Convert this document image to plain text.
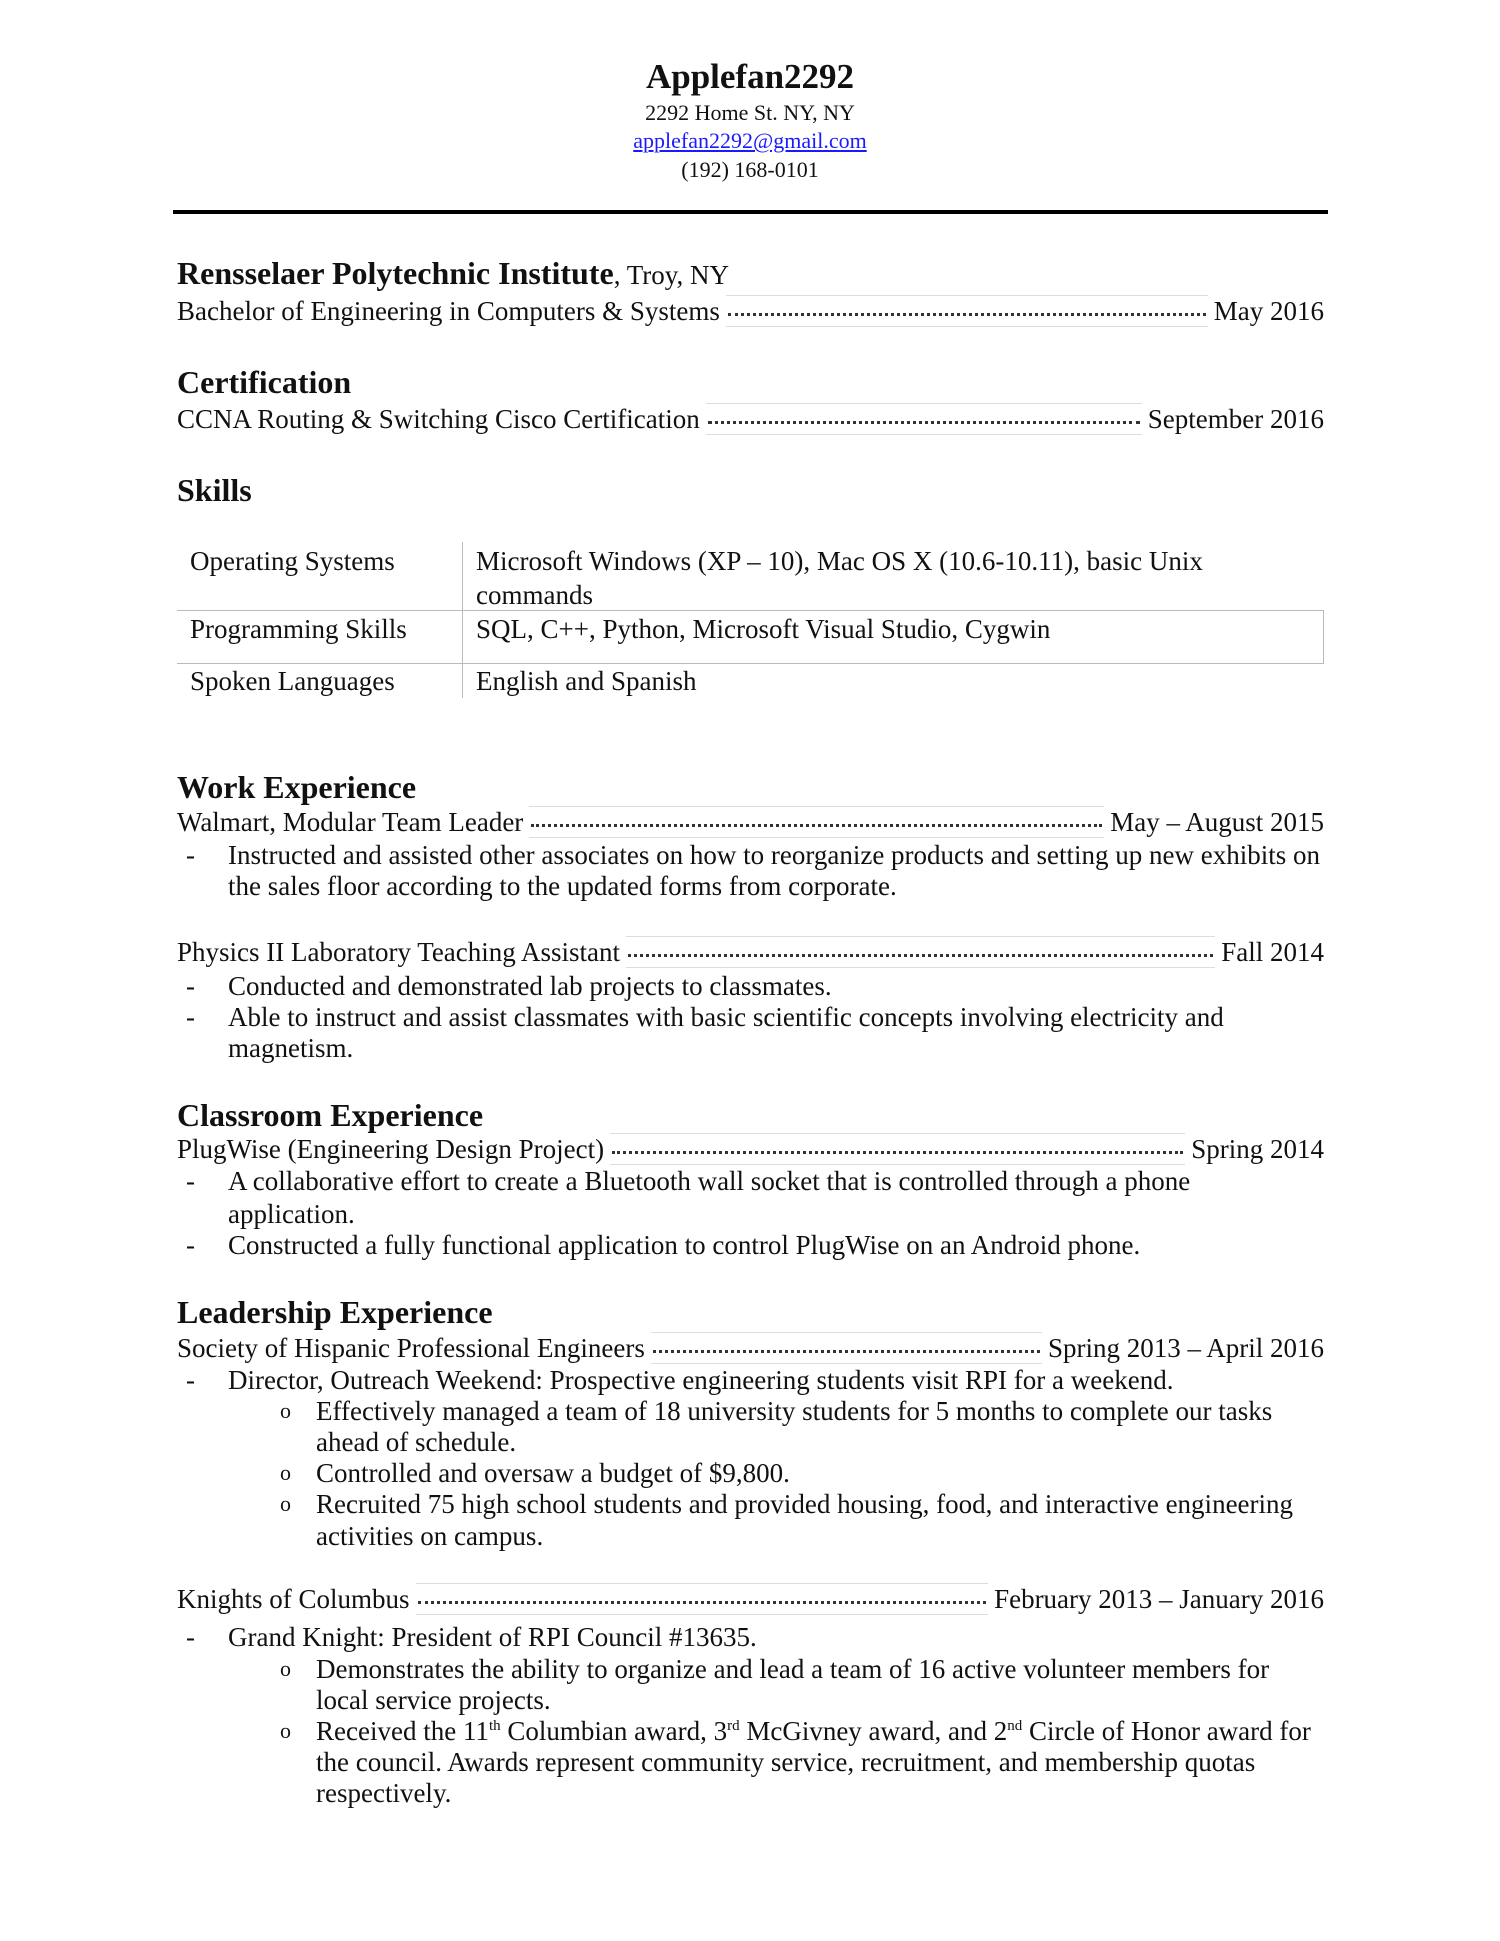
Applefan2292
2292 Home St. NY, NY
applefan2292@gmail.com
(192) 168-0101
Rensselaer Polytechnic Institute, Troy, NY
Bachelor of Engineering in Computers & Systems	May 2016
Certification
CCNA Routing & Switching Cisco Certification	September 2016
Skills
Operating Systems	Microsoft Windows (XP – 10), Mac OS X (10.6-10.11), basic Unix
commands
Programming Skills	SQL, C++, Python, Microsoft Visual Studio, Cygwin
Spoken Languages	English and Spanish
Work Experience
Walmart, Modular Team Leader	May – August 2015
- Instructed and assisted other associates on how to reorganize products and setting up new exhibits on
the sales floor according to the updated forms from corporate.
Physics II Laboratory Teaching Assistant	Fall 2014
- Conducted and demonstrated lab projects to classmates.
- Able to instruct and assist classmates with basic scientific concepts involving electricity and
magnetism.
Classroom Experience
PlugWise (Engineering Design Project)	Spring 2014
- A collaborative effort to create a Bluetooth wall socket that is controlled through a phone
application.
- Constructed a fully functional application to control PlugWise on an Android phone.
Leadership Experience
Society of Hispanic Professional Engineers	Spring 2013 – April 2016
- Director, Outreach Weekend: Prospective engineering students visit RPI for a weekend.
o Effectively managed a team of 18 university students for 5 months to complete our tasks
ahead of schedule.
o Controlled and oversaw a budget of $9,800.
o Recruited 75 high school students and provided housing, food, and interactive engineering
activities on campus.
Knights of Columbus	February 2013 – January 2016
- Grand Knight: President of RPI Council #13635.
o Demonstrates the ability to organize and lead a team of 16 active volunteer members for
local service projects.
o Received the 11th Columbian award, 3rd McGivney award, and 2nd Circle of Honor award for
the council. Awards represent community service, recruitment, and membership quotas
respectively.
